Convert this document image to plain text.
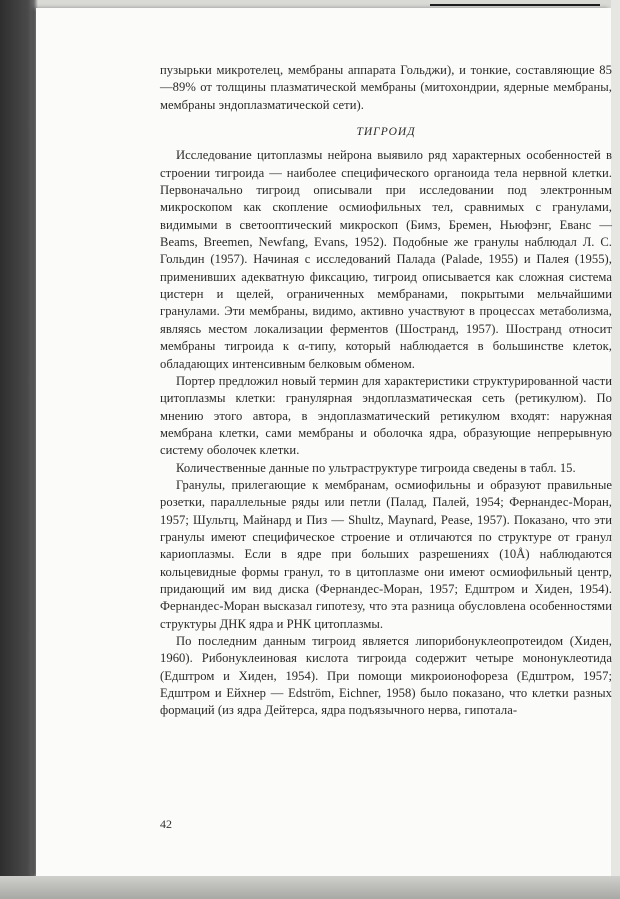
пузырьки микротелец, мембраны аппарата Гольджи), и тонкие, составляющие 85—89% от толщины плазматической мембраны (митохондрии, ядерные мембраны, мембраны эндоплазматической сети).

ТИГРОИД

Исследование цитоплазмы нейрона выявило ряд характерных особенностей в строении тигроида — наиболее специфического органоида тела нервной клетки. Первоначально тигроид описывали при исследовании под электронным микроскопом как скопление осмиофильных тел, сравнимых с гранулами, видимыми в светооптический микроскоп (Бимз, Бремен, Ньюфэнг, Еванс — Beams, Breemen, Newfang, Evans, 1952). Подобные же гранулы наблюдал Л. С. Гольдин (1957). Начиная с исследований Палада (Palade, 1955) и Палея (1955), применивших адекватную фиксацию, тигроид описывается как сложная система цистерн и щелей, ограниченных мембранами, покрытыми мельчайшими гранулами. Эти мембраны, видимо, активно участвуют в процессах метаболизма, являясь местом локализации ферментов (Шостранд, 1957). Шостранд относит мембраны тигроида к α-типу, который наблюдается в большинстве клеток, обладающих интенсивным белковым обменом.

Портер предложил новый термин для характеристики структурированной части цитоплазмы клетки: гранулярная эндоплазматическая сеть (ретикулюм). По мнению этого автора, в эндоплазматический ретикулюм входят: наружная мембрана клетки, сами мембраны и оболочка ядра, образующие непрерывную систему оболочек клетки.

Количественные данные по ультраструктуре тигроида сведены в табл. 15.

Гранулы, прилегающие к мембранам, осмиофильны и образуют правильные розетки, параллельные ряды или петли (Палад, Палей, 1954; Фернандес-Моран, 1957; Шультц, Майнард и Пиз — Shultz, Maynard, Pease, 1957). Показано, что эти гранулы имеют специфическое строение и отличаются по структуре от гранул кариоплазмы. Если в ядре при больших разрешениях (10Å) наблюдаются кольцевидные формы гранул, то в цитоплазме они имеют осмиофильный центр, придающий им вид диска (Фернандес-Моран, 1957; Едштром и Хиден, 1954). Фернандес-Моран высказал гипотезу, что эта разница обусловлена особенностями структуры ДНК ядра и РНК цитоплазмы.

По последним данным тигроид является липорибонуклеопротеидом (Хиден, 1960). Рибонуклеиновая кислота тигроида содержит четыре мононуклеотида (Едштром и Хиден, 1954). При помощи микроионофореза (Едштром, 1957; Едштром и Ейхнер — Edström, Eichner, 1958) было показано, что клетки разных формаций (из ядра Дейтерса, ядра подъязычного нерва, гипотала-

42
